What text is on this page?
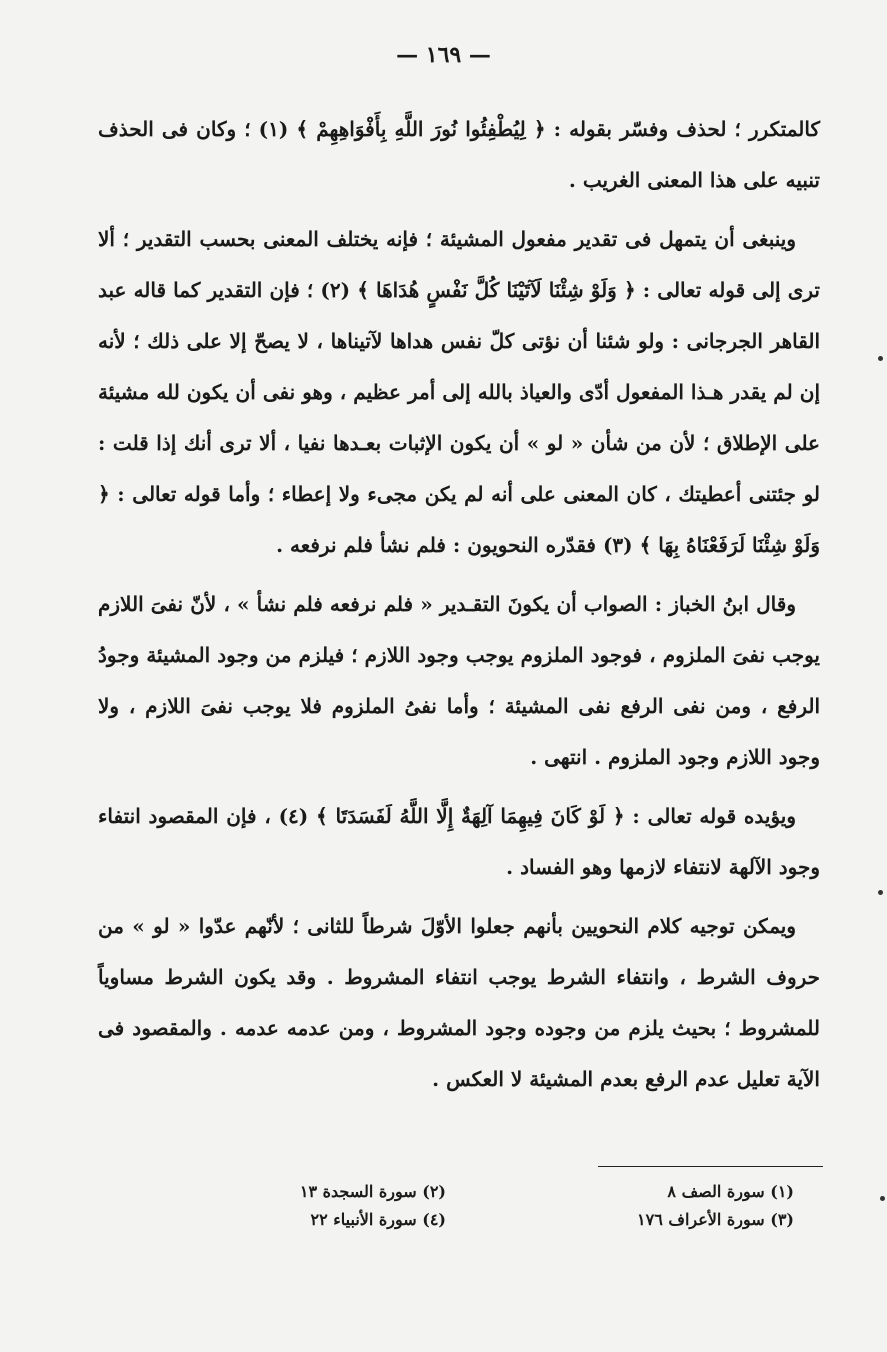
— ١٦٩ —

كالمتكرر ؛ لحذف وفسّر بقوله : ﴿ لِيُطْفِئُوا نُورَ اللَّهِ بِأَفْوَاهِهِمْ ﴾ (١) ؛ وكان فى الحذف تنبيه على هذا المعنى الغريب .

وينبغى أن يتمهل فى تقدير مفعول المشيئة ؛ فإنه يختلف المعنى بحسب التقدير ؛ ألا ترى إلى قوله تعالى : ﴿ وَلَوْ شِئْنَا لَآتَيْنَا كُلَّ نَفْسٍ هُدَاهَا ﴾ (٢) ؛ فإن التقدير كما قاله عبد القاهر الجرجانى : ولو شئنا أن نؤتى كلّ نفس هداها لآتيناها ، لا يصحّ إلا على ذلك ؛ لأنه إن لم يقدر هـذا المفعول أدّى والعياذ بالله إلى أمر عظيم ، وهو نفى أن يكون لله مشيئة على الإطلاق ؛ لأن من شأن « لو » أن يكون الإثبات بعـدها نفيا ، ألا ترى أنك إذا قلت : لو جئتنى أعطيتك ، كان المعنى على أنه لم يكن مجىء ولا إعطاء ؛ وأما قوله تعالى : ﴿ وَلَوْ شِئْنَا لَرَفَعْنَاهُ بِهَا ﴾ (٣) فقدّره النحويون : فلم نشأ فلم نرفعه .

وقال ابنُ الخباز : الصواب أن يكونَ التقـدير « فلم نرفعه فلم نشأ » ، لأنّ نفىَ اللازم يوجب نفىَ الملزوم ، فوجود الملزوم يوجب وجود اللازم ؛ فيلزم من وجود المشيئة وجودُ الرفع ، ومن نفى الرفع نفى المشيئة ؛ وأما نفىُ الملزوم فلا يوجب نفىَ اللازم ، ولا وجود اللازم وجود الملزوم . انتهى .

ويؤيده قوله تعالى : ﴿ لَوْ كَانَ فِيهِمَا آلِهَةٌ إِلَّا اللَّهُ لَفَسَدَتَا ﴾ (٤) ، فإن المقصود انتفاء وجود الآلهة لانتفاء لازمها وهو الفساد .

ويمكن توجيه كلام النحويين بأنهم جعلوا الأوّلَ شرطاً للثانى ؛ لأنّهم عدّوا « لو » من حروف الشرط ، وانتفاء الشرط يوجب انتفاء المشروط . وقد يكون الشرط مساوياً للمشروط ؛ بحيث يلزم من وجوده وجود المشروط ، ومن عدمه عدمه . والمقصود فى الآية تعليل عدم الرفع بعدم المشيئة لا العكس .

(١) سورة الصف ٨
(٣) سورة الأعراف ١٧٦
(٢) سورة السجدة ١٣
(٤) سورة الأنبياء ٢٢
